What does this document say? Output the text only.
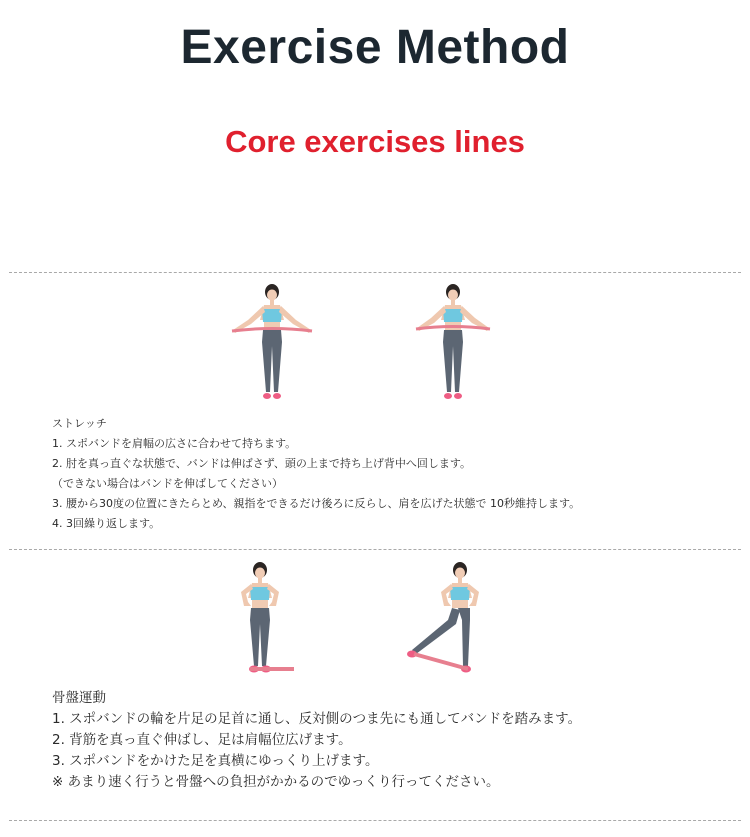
Exercise Method
Core exercises lines
ストレッチ
1. スポバンドを肩幅の広さに合わせて持ちます。
2. 肘を真っ直ぐな状態で、バンドは伸ばさず、頭の上まで持ち上げ背中へ回します。
（できない場合はバンドを伸ばしてください）
3. 腰から30度の位置にきたらとめ、親指をできるだけ後ろに反らし、肩を広げた状態で 10秒維持します。
4. 3回繰り返します。
骨盤運動
1. スポバンドの輪を片足の足首に通し、反対側のつま先にも通してバンドを踏みます。
2. 背筋を真っ直ぐ伸ばし、足は肩幅位広げます。
3. スポバンドをかけた足を真横にゆっくり上げます。
※ あまり速く行うと骨盤への負担がかかるのでゆっくり行ってください。
